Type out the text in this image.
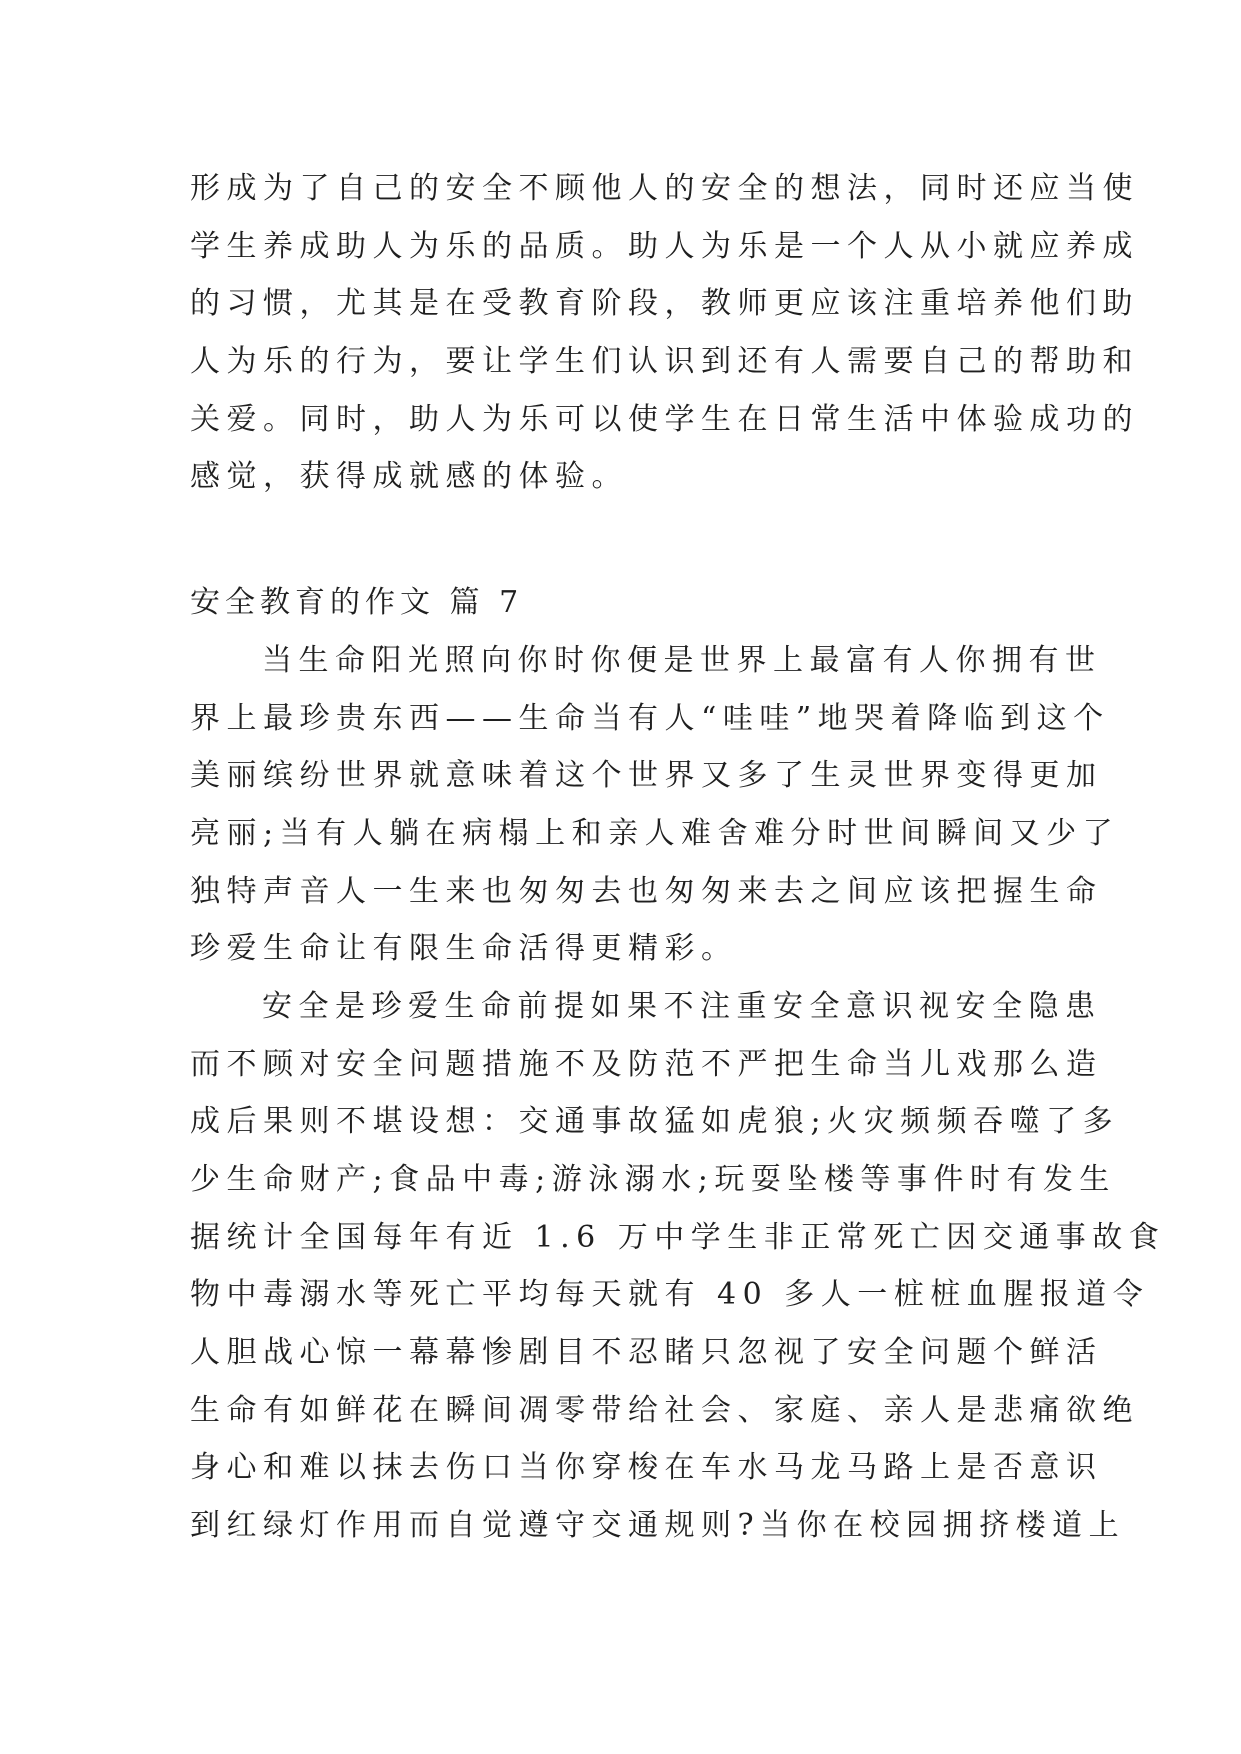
形成为了自己的安全不顾他人的安全的想法，同时还应当使
学生养成助人为乐的品质。助人为乐是一个人从小就应养成
的习惯，尤其是在受教育阶段，教师更应该注重培养他们助
人为乐的行为，要让学生们认识到还有人需要自己的帮助和
关爱。同时，助人为乐可以使学生在日常生活中体验成功的
感觉，获得成就感的体验。
安全教育的作文 篇 7
当生命阳光照向你时你便是世界上最富有人你拥有世
界上最珍贵东西——生命当有人“哇哇”地哭着降临到这个
美丽缤纷世界就意味着这个世界又多了生灵世界变得更加
亮丽;当有人躺在病榻上和亲人难舍难分时世间瞬间又少了
独特声音人一生来也匆匆去也匆匆来去之间应该把握生命
珍爱生命让有限生命活得更精彩。
安全是珍爱生命前提如果不注重安全意识视安全隐患
而不顾对安全问题措施不及防范不严把生命当儿戏那么造
成后果则不堪设想：交通事故猛如虎狼;火灾频频吞噬了多
少生命财产;食品中毒;游泳溺水;玩耍坠楼等事件时有发生
据统计全国每年有近 1.6 万中学生非正常死亡因交通事故食
物中毒溺水等死亡平均每天就有 40 多人一桩桩血腥报道令
人胆战心惊一幕幕惨剧目不忍睹只忽视了安全问题个鲜活
生命有如鲜花在瞬间凋零带给社会、家庭、亲人是悲痛欲绝
身心和难以抹去伤口当你穿梭在车水马龙马路上是否意识
到红绿灯作用而自觉遵守交通规则?当你在校园拥挤楼道上
